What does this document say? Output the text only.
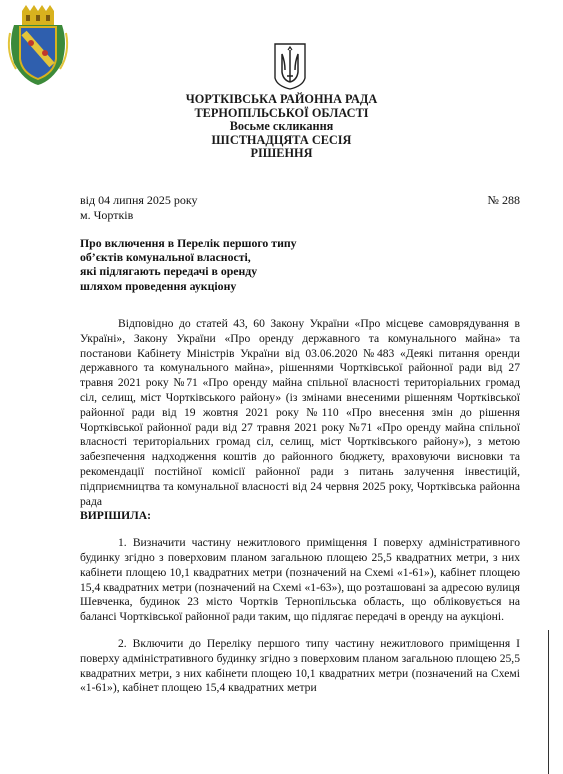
ЧОРТКІВСЬКА РАЙОННА РАДА
ТЕРНОПІЛЬСЬКОЇ ОБЛАСТІ
Восьме скликання
ШІСТНАДЦЯТА СЕСІЯ
РІШЕННЯ
від 04 липня 2025 року	№ 288
м. Чортків
Про включення в Перелік першого типу
об’єктів комунальної власності,
які підлягають передачі в оренду
шляхом проведення аукціону

Відповідно до статей 43, 60 Закону України «Про місцеве самоврядування в Україні», Закону України «Про оренду державного та комунального майна» та постанови Кабінету Міністрів України від 03.06.2020 №483 «Деякі питання оренди державного та комунального майна», рішеннями Чортківської районної ради від 27 травня 2021 року №71 «Про оренду майна спільної власності територіальних громад сіл, селищ, міст Чортківського району» (із змінами внесеними рішенням Чортківської районної ради від 19 жовтня 2021 року №110 «Про внесення змін до рішення Чортківської районної ради від 27 травня 2021 року №71 «Про оренду майна спільної власності територіальних громад сіл, селищ, міст Чортківського району»), з метою забезпечення надходження коштів до районного бюджету, враховуючи висновки та рекомендації постійної комісії районної ради з питань залучення інвестицій, підприємництва та комунальної власності від 24 червня 2025 року, Чортківська районна рада

ВИРІШИЛА:

1. Визначити частину нежитлового приміщення І поверху адміністративного будинку згідно з поверховим планом загальною площею 25,5 квадратних метри, з них кабінети площею 10,1 квадратних метри (позначений на Схемі «1-61»), кабінет площею 15,4 квадратних метри (позначений на Схемі «1-63»), що розташовані за адресою вулиця Шевченка, будинок 23 місто Чортків Тернопільська область, що обліковується на балансі Чортківської районної ради таким, що підлягає передачі в оренду на аукціоні.

2. Включити до Переліку першого типу частину нежитлового приміщення І поверху адміністративного будинку згідно з поверховим планом загальною площею 25,5 квадратних метри, з них кабінети площею 10,1 квадратних метри (позначений на Схемі «1-61»), кабінет площею 15,4 квадратних метри
